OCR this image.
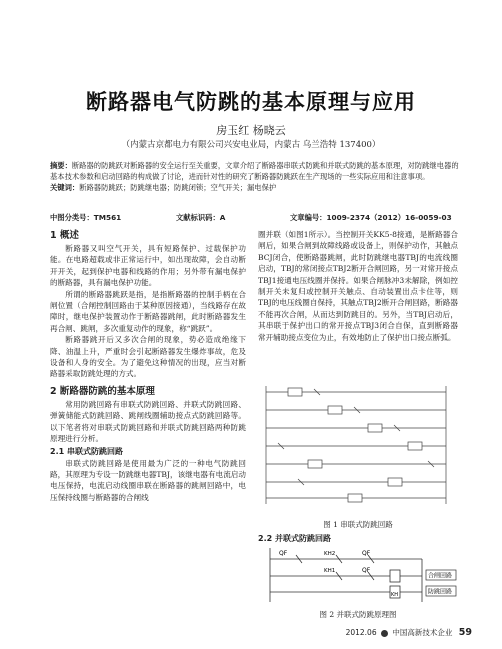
断路器电气防跳的基本原理与应用
房玉红 杨晓云
（内蒙古京都电力有限公司兴安电业局，内蒙古 乌兰浩特 137400）
摘要：断路器的防跳跃对断路器的安全运行至关重要，文章介绍了断路器串联式防跳和并联式防跳的基本原理，对防跳继电器的基本技术参数和启动回路的构成做了讨论，进而针对性的研究了断路器防跳跃在生产现场的一些实际应用和注意事项。
关键词：断路器防跳跃；防跳继电器；防跳闭锁；空气开关；漏电保护
中图分类号：TM561	文献标识码：A	文章编号：1009-2374（2012）16-0059-03
1 概述

断路器又叫空气开关，具有短路保护、过载保护功能。在电路超载或非正常运行中，如出现故障，会自动断开开关，起到保护电器和线路的作用；另外带有漏电保护的断路器，具有漏电保护功能。

所谓的断路器跳跃是指，是指断路器的控制手柄在合闸位置（合闸控制回路由于某种原因接通），当线路存在故障时，继电保护装置动作于断路器跳闸，此时断路器发生再合闸、跳闸，多次重复动作的现象，称“跳跃”。

断路器跳开后又多次合闸的现象，势必造成绝缘下降、油温上升，严重时会引起断路器发生爆炸事故，危及设备和人身的安全。为了避免这种情况的出现，应当对断路器采取防跳处理的方式。

2 断路器防跳的基本原理

常用防跳回路有串联式防跳回路、并联式防跳回路、弹簧储能式防跳回路、跳闸线圈辅助接点式防跳回路等。以下笔者将对串联式防跳回路和并联式防跳回路两种防跳原理进行分析。

2.1 串联式防跳回路

串联式防跳回路是使用最为广泛的一种电气防跳回路，其原理为专设一防跳继电器TBJ，该继电器有电流启动电压保持，电流启动线圈串联在断路器的跳闸回路中，电压保持线圈与断路器的合闸线

圈并联（如图1所示）。当控制开关KK5-8接通，是断路器合闸后，如果合闸到故障线路或设备上，则保护动作，其触点BCJ闭合，使断路器跳闸，此时防跳继电器TBJ的电流线圈启动，TBJ的常闭接点TBJ2断开合闸回路，另一对常开接点TBJ1接通电压线圈并保持。如果合闸脉冲3未解除，例如控制开关未复归或控制开关触点、自动装置出点卡住等，则TBJ的电压线圈自保持，其触点TBJ2断开合闸回路，断路器不能再次合闸，从而达到防跳目的。另外，当TBJ启动后，其串联于保护出口的常开接点TBJ3闭合自保，直到断路器常开辅助接点变位为止，有效地防止了保护出口接点断弧。

图 1 串联式防跳回路
2.2 并联式防跳回路
QF	KH2	QF
KH1	QF
KH
合闸回路
防跳回路
图 2 并联式防跳原理图
2012.06 中国高新技术企业 59
